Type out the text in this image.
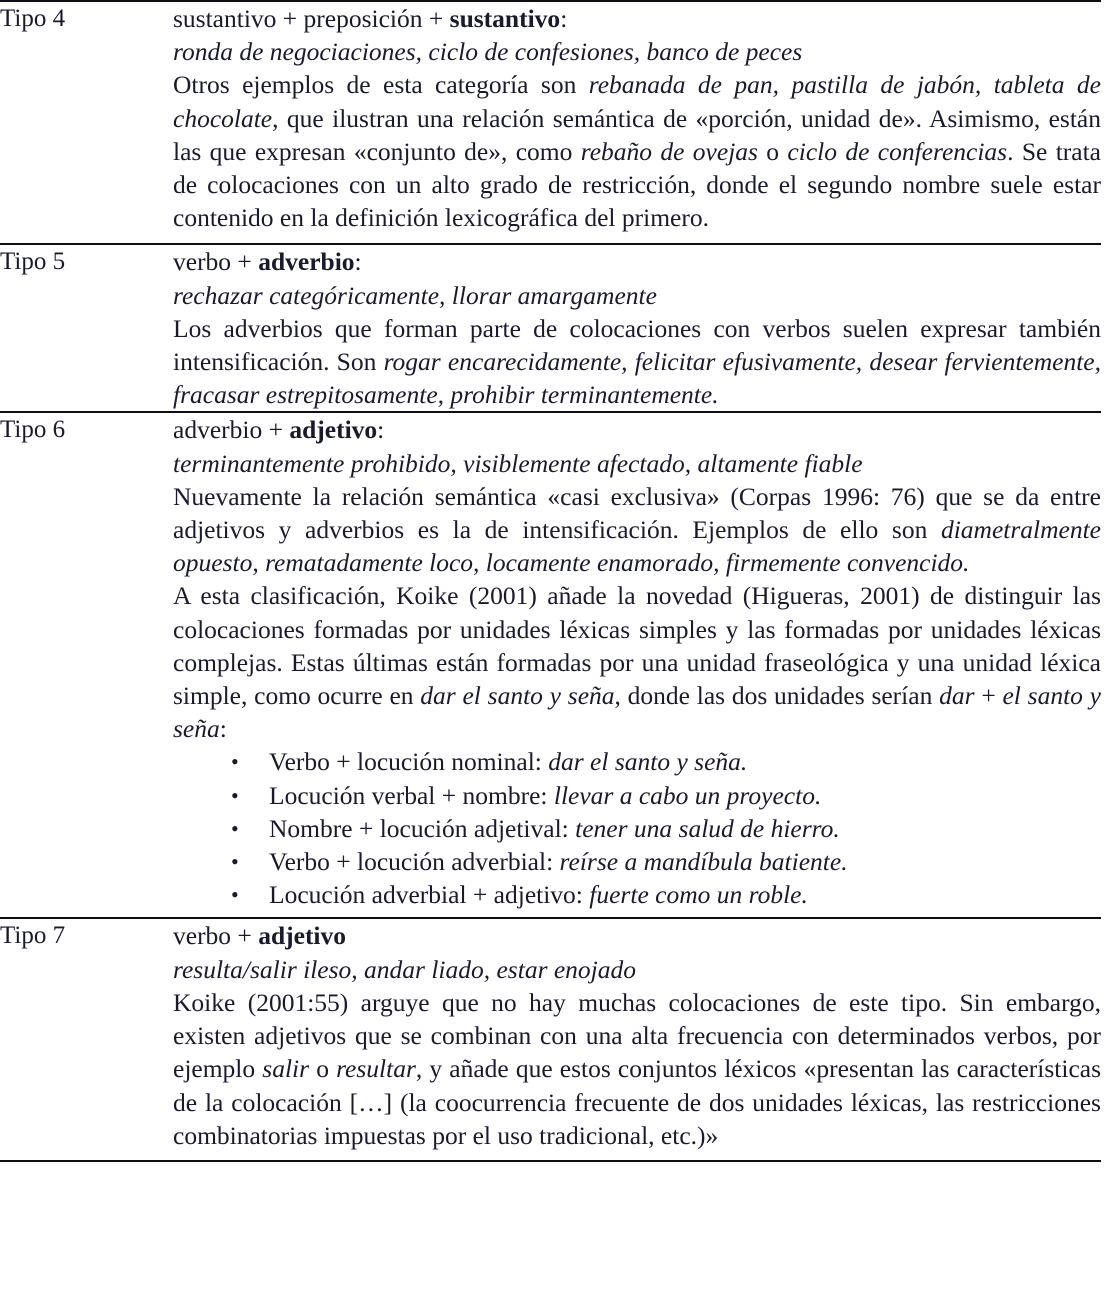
Tipo 4	sustantivo + preposición + sustantivo:

ronda de negociaciones, ciclo de confesiones, banco de peces

Otros ejemplos de esta categoría son rebanada de pan, pastilla de jabón, tableta de chocolate, que ilustran una relación semántica de «porción, unidad de». Asimismo, están las que expresan «conjunto de», como rebaño de ovejas o ciclo de conferencias. Se trata de colocaciones con un alto grado de restricción, donde el segundo nombre suele estar contenido en la definición lexicográfica del primero.

Tipo 5	verbo + adverbio:

rechazar categóricamente, llorar amargamente

Los adverbios que forman parte de colocaciones con verbos suelen expresar también intensificación. Son rogar encarecidamente, felicitar efusivamente, desear fervientemente, fracasar estrepitosamente, prohibir terminantemente.

Tipo 6	adverbio + adjetivo:

terminantemente prohibido, visiblemente afectado, altamente fiable

Nuevamente la relación semántica «casi exclusiva» (Corpas 1996: 76) que se da entre adjetivos y adverbios es la de intensificación. Ejemplos de ello son diametralmente opuesto, rematadamente loco, locamente enamorado, firmemente convencido.

A esta clasificación, Koike (2001) añade la novedad (Higueras, 2001) de distinguir las colocaciones formadas por unidades léxicas simples y las formadas por unidades léxicas complejas. Estas últimas están formadas por una unidad fraseológica y una unidad léxica simple, como ocurre en dar el santo y seña, donde las dos unidades serían dar + el santo y seña:

• Verbo + locución nominal: dar el santo y seña.
• Locución verbal + nombre: llevar a cabo un proyecto.
• Nombre + locución adjetival: tener una salud de hierro.
• Verbo + locución adverbial: reírse a mandíbula batiente.
• Locución adverbial + adjetivo: fuerte como un roble.

Tipo 7	verbo + adjetivo

resulta/salir ileso, andar liado, estar enojado

Koike (2001:55) arguye que no hay muchas colocaciones de este tipo. Sin embargo, existen adjetivos que se combinan con una alta frecuencia con determinados verbos, por ejemplo salir o resultar, y añade que estos conjuntos léxicos «presentan las características de la colocación […] (la coocurrencia frecuente de dos unidades léxicas, las restricciones combinatorias impuestas por el uso tradicional, etc.)»
